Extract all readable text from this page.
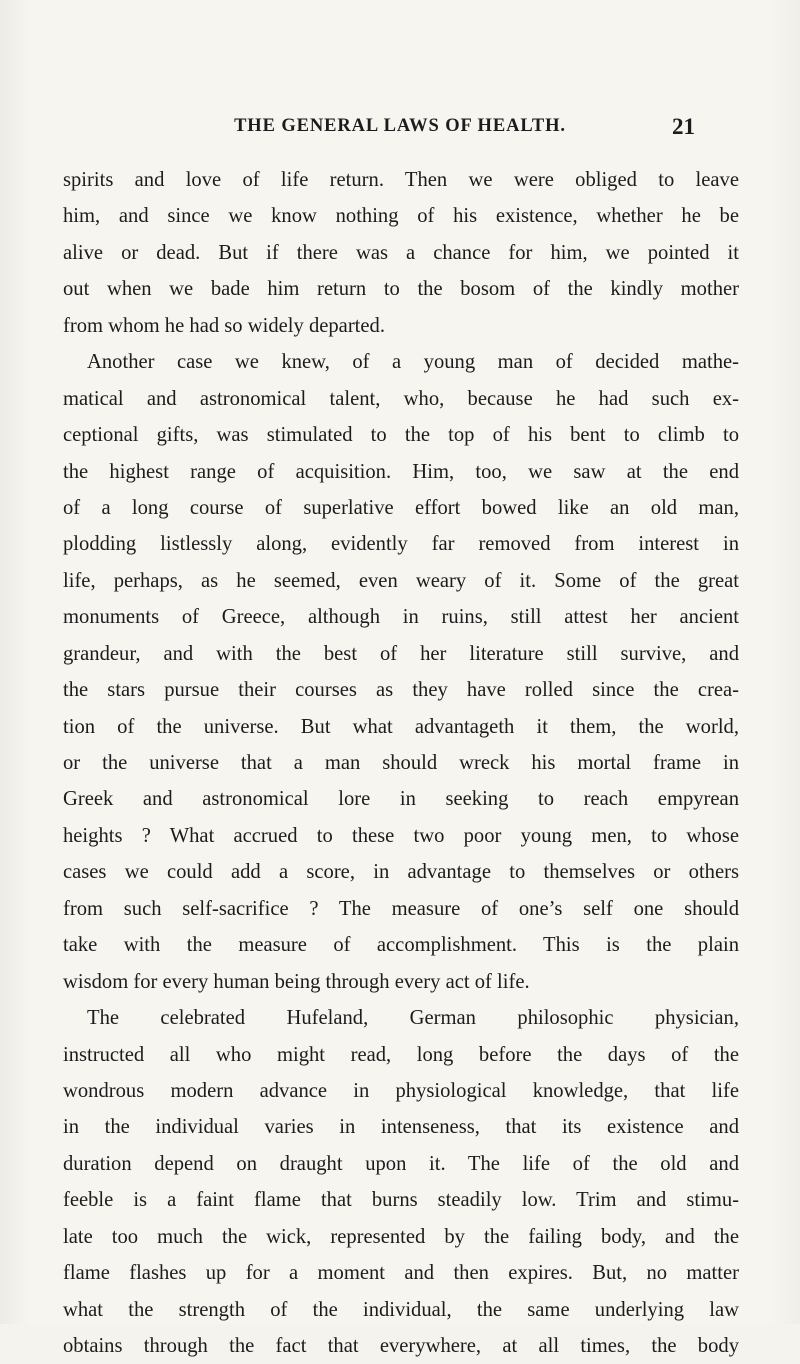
THE GENERAL LAWS OF HEALTH.	21
spirits and love of life return. Then we were obliged to leave
him, and since we know nothing of his existence, whether he be
alive or dead. But if there was a chance for him, we pointed it
out when we bade him return to the bosom of the kindly mother
from whom he had so widely departed.
Another case we knew, of a young man of decided mathe-
matical and astronomical talent, who, because he had such ex-
ceptional gifts, was stimulated to the top of his bent to climb to
the highest range of acquisition. Him, too, we saw at the end
of a long course of superlative effort bowed like an old man,
plodding listlessly along, evidently far removed from interest in
life, perhaps, as he seemed, even weary of it. Some of the great
monuments of Greece, although in ruins, still attest her ancient
grandeur, and with the best of her literature still survive, and
the stars pursue their courses as they have rolled since the crea-
tion of the universe. But what advantageth it them, the world,
or the universe that a man should wreck his mortal frame in
Greek and astronomical lore in seeking to reach empyrean
heights ? What accrued to these two poor young men, to whose
cases we could add a score, in advantage to themselves or others
from such self-sacrifice ? The measure of one’s self one should
take with the measure of accomplishment. This is the plain
wisdom for every human being through every act of life.
The celebrated Hufeland, German philosophic physician,
instructed all who might read, long before the days of the
wondrous modern advance in physiological knowledge, that life
in the individual varies in intenseness, that its existence and
duration depend on draught upon it. The life of the old and
feeble is a faint flame that burns steadily low. Trim and stimu-
late too much the wick, represented by the failing body, and the
flame flashes up for a moment and then expires. But, no matter
what the strength of the individual, the same underlying law
obtains through the fact that everywhere, at all times, the body
